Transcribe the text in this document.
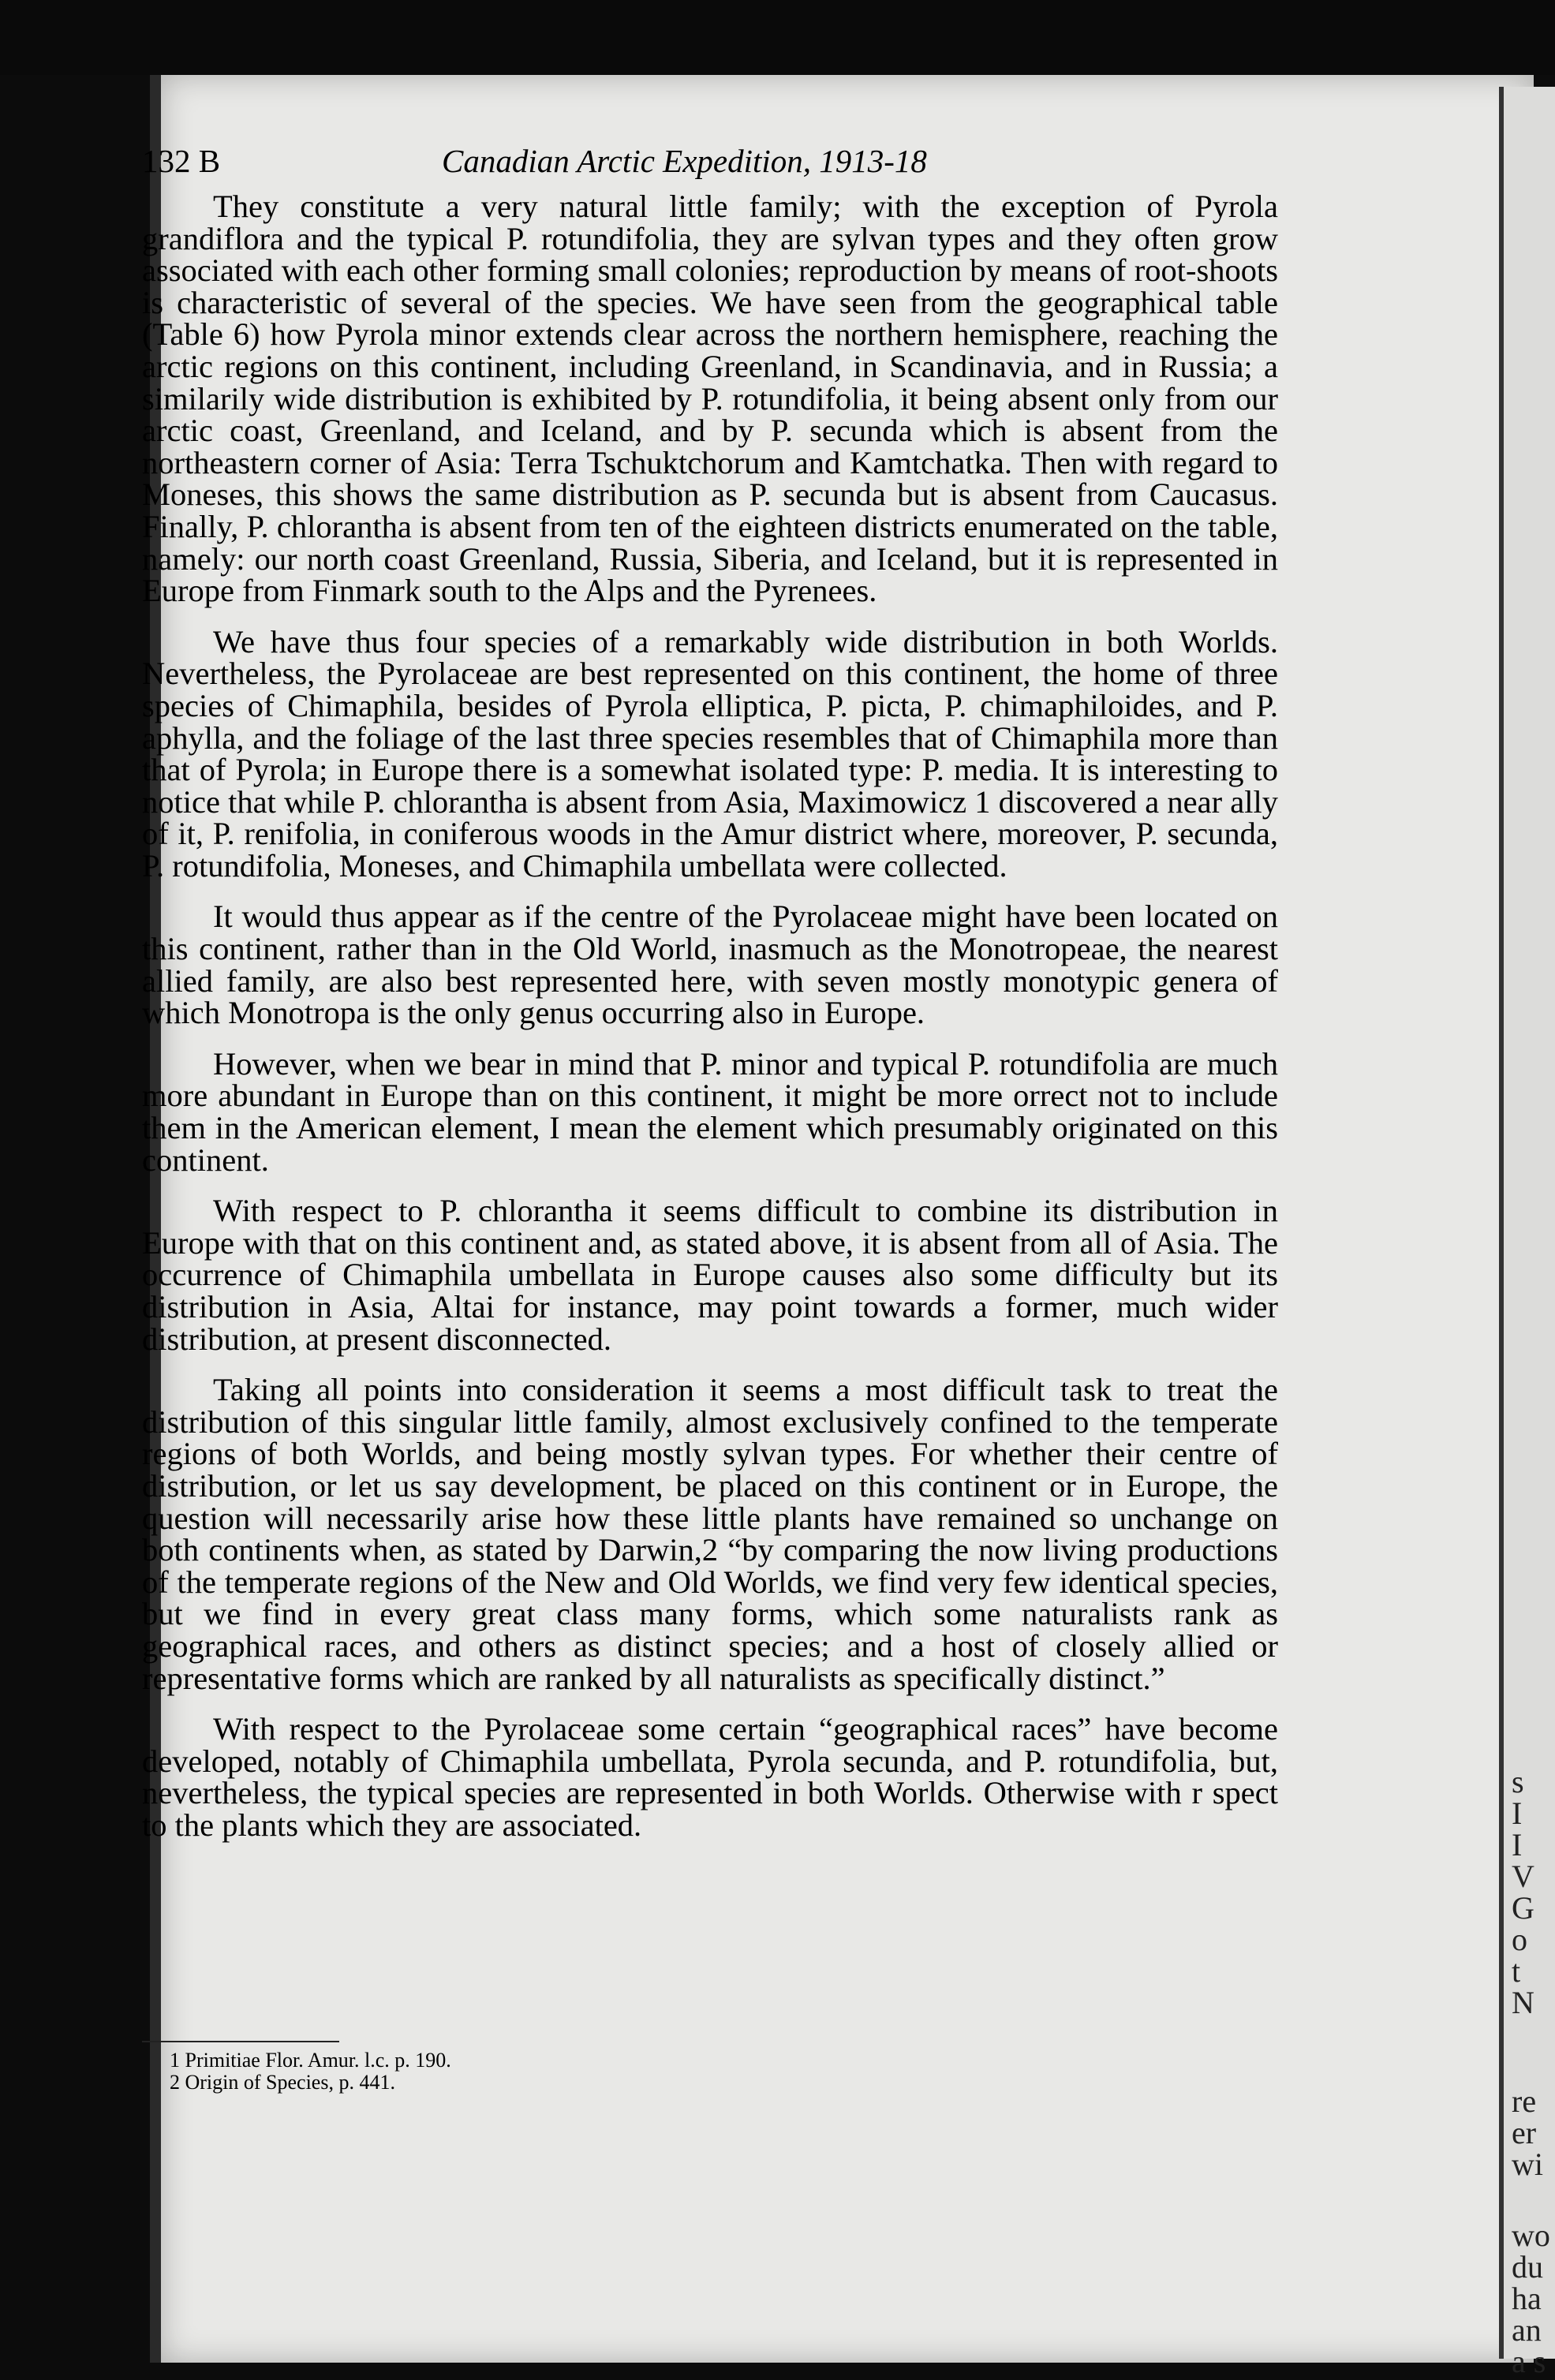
s
I
I
V
G
o
t
N
re
er
wi
wo
du
ha
an
a s
132 B	Canadian Arctic Expedition, 1913-18

They constitute a very natural little family; with the exception of Pyrola grandiflora and the typical P. rotundifolia, they are sylvan types and they often grow associated with each other forming small colonies; reproduction by means of root-shoots is characteristic of several of the species. We have seen from the geographical table (Table 6) how Pyrola minor extends clear across the northern hemisphere, reaching the arctic regions on this continent, including Greenland, in Scandinavia, and in Russia; a similarily wide distribution is exhibited by P. rotundifolia, it being absent only from our arctic coast, Greenland, and Iceland, and by P. secunda which is absent from the northeastern corner of Asia: Terra Tschuktchorum and Kamtchatka. Then with regard to Moneses, this shows the same distribution as P. secunda but is absent from Caucasus. Finally, P. chlorantha is absent from ten of the eighteen districts enumerated on the table, namely: our north coast Greenland, Russia, Siberia, and Iceland, but it is represented in Europe from Finmark south to the Alps and the Pyrenees.

We have thus four species of a remarkably wide distribution in both Worlds. Nevertheless, the Pyrolaceae are best represented on this continent, the home of three species of Chimaphila, besides of Pyrola elliptica, P. picta, P. chimaphiloides, and P. aphylla, and the foliage of the last three species resembles that of Chimaphila more than that of Pyrola; in Europe there is a somewhat isolated type: P. media. It is interesting to notice that while P. chlorantha is absent from Asia, Maximowicz 1 discovered a near ally of it, P. renifolia, in coniferous woods in the Amur district where, moreover, P. secunda, P. rotundifolia, Moneses, and Chimaphila umbellata were collected.

It would thus appear as if the centre of the Pyrolaceae might have been located on this continent, rather than in the Old World, inasmuch as the Monotropeae, the nearest allied family, are also best represented here, with seven mostly monotypic genera of which Monotropa is the only genus occurring also in Europe.

However, when we bear in mind that P. minor and typical P. rotundifolia are much more abundant in Europe than on this continent, it might be more orrect not to include them in the American element, I mean the element which presumably originated on this continent.

With respect to P. chlorantha it seems difficult to combine its distribution in Europe with that on this continent and, as stated above, it is absent from all of Asia. The occurrence of Chimaphila umbellata in Europe causes also some difficulty but its distribution in Asia, Altai for instance, may point towards a former, much wider distribution, at present disconnected.

Taking all points into consideration it seems a most difficult task to treat the distribution of this singular little family, almost exclusively confined to the temperate regions of both Worlds, and being mostly sylvan types. For whether their centre of distribution, or let us say development, be placed on this continent or in Europe, the question will necessarily arise how these little plants have remained so unchange on both continents when, as stated by Darwin,2 “by comparing the now living productions of the temperate regions of the New and Old Worlds, we find very few identical species, but we find in every great class many forms, which some naturalists rank as geographical races, and others as distinct species; and a host of closely allied or representative forms which are ranked by all naturalists as specifically distinct.”

With respect to the Pyrolaceae some certain “geographical races” have become developed, notably of Chimaphila umbellata, Pyrola secunda, and P. rotundifolia, but, nevertheless, the typical species are represented in both Worlds. Otherwise with r spect to the plants which they are associated.

1 Primitiae Flor. Amur. l.c. p. 190.
2 Origin of Species, p. 441.
